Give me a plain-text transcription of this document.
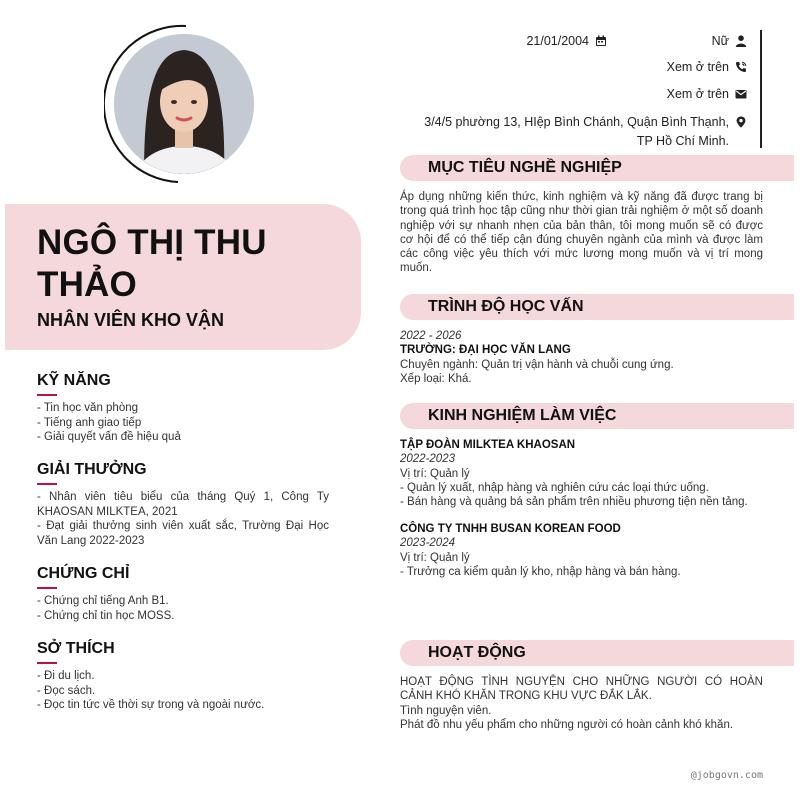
NGÔ THỊ THU THẢO
NHÂN VIÊN KHO VẬN
KỸ NĂNG

- Tin học văn phòng

- Tiếng anh giao tiếp

- Giải quyết vấn đề hiệu quả

GIẢI THƯỞNG

- Nhân viên tiêu biểu của tháng Quý 1, Công Ty KHAOSAN MILKTEA, 2021

- Đạt giải thưởng sinh viên xuất sắc, Trường Đại Học Văn Lang 2022-2023

CHỨNG CHỈ

- Chứng chỉ tiếng Anh B1.

- Chứng chỉ tin học MOSS.

SỞ THÍCH

- Đi du lịch.

- Đọc sách.

- Đọc tin tức về thời sự trong và ngoài nước.

21/01/2004	Nữ
Xem ở trên
Xem ở trên
3/4/5 phường 13, HIệp Bình Chánh, Quận Bình Thạnh,
TP Hồ Chí Minh.
MỤC TIÊU NGHỀ NGHIỆP
Áp dụng những kiến thức, kinh nghiệm và kỹ năng đã được trang bị trong quá trình học tập cũng như thời gian trải nghiệm ở một số doanh nghiệp với sự nhanh nhẹn của bản thân, tôi mong muốn sẽ có được cơ hội để có thể tiếp cận đúng chuyên ngành của mình và được làm các công việc yêu thích với mức lương mong muốn và vị trí mong muốn.
TRÌNH ĐỘ HỌC VẤN
2022 - 2026
TRƯỜNG: ĐẠI HỌC VĂN LANG
Chuyên ngành: Quản trị vận hành và chuỗi cung ứng.
Xếp loại: Khá.
KINH NGHIỆM LÀM VIỆC
TẬP ĐOÀN MILKTEA KHAOSAN
2022-2023
Vị trí: Quản lý
- Quản lý xuất, nhập hàng và nghiên cứu các loại thức uống.
- Bán hàng và quảng bá sản phẩm trên nhiều phương tiện nền tảng.
CÔNG TY TNHH BUSAN KOREAN FOOD
2023-2024
Vị trí: Quản lý
- Trưởng ca kiểm quản lý kho, nhập hàng và bán hàng.
HOẠT ĐỘNG
HOẠT ĐỘNG TÌNH NGUYỆN CHO NHỮNG NGƯỜI CÓ HOÀN CẢNH KHÓ KHĂN TRONG KHU VỰC ĐẮK LẮK.
Tình nguyện viên.
Phát đồ nhu yếu phẩm cho những người có hoàn cảnh khó khăn.
@jobgovn.com
